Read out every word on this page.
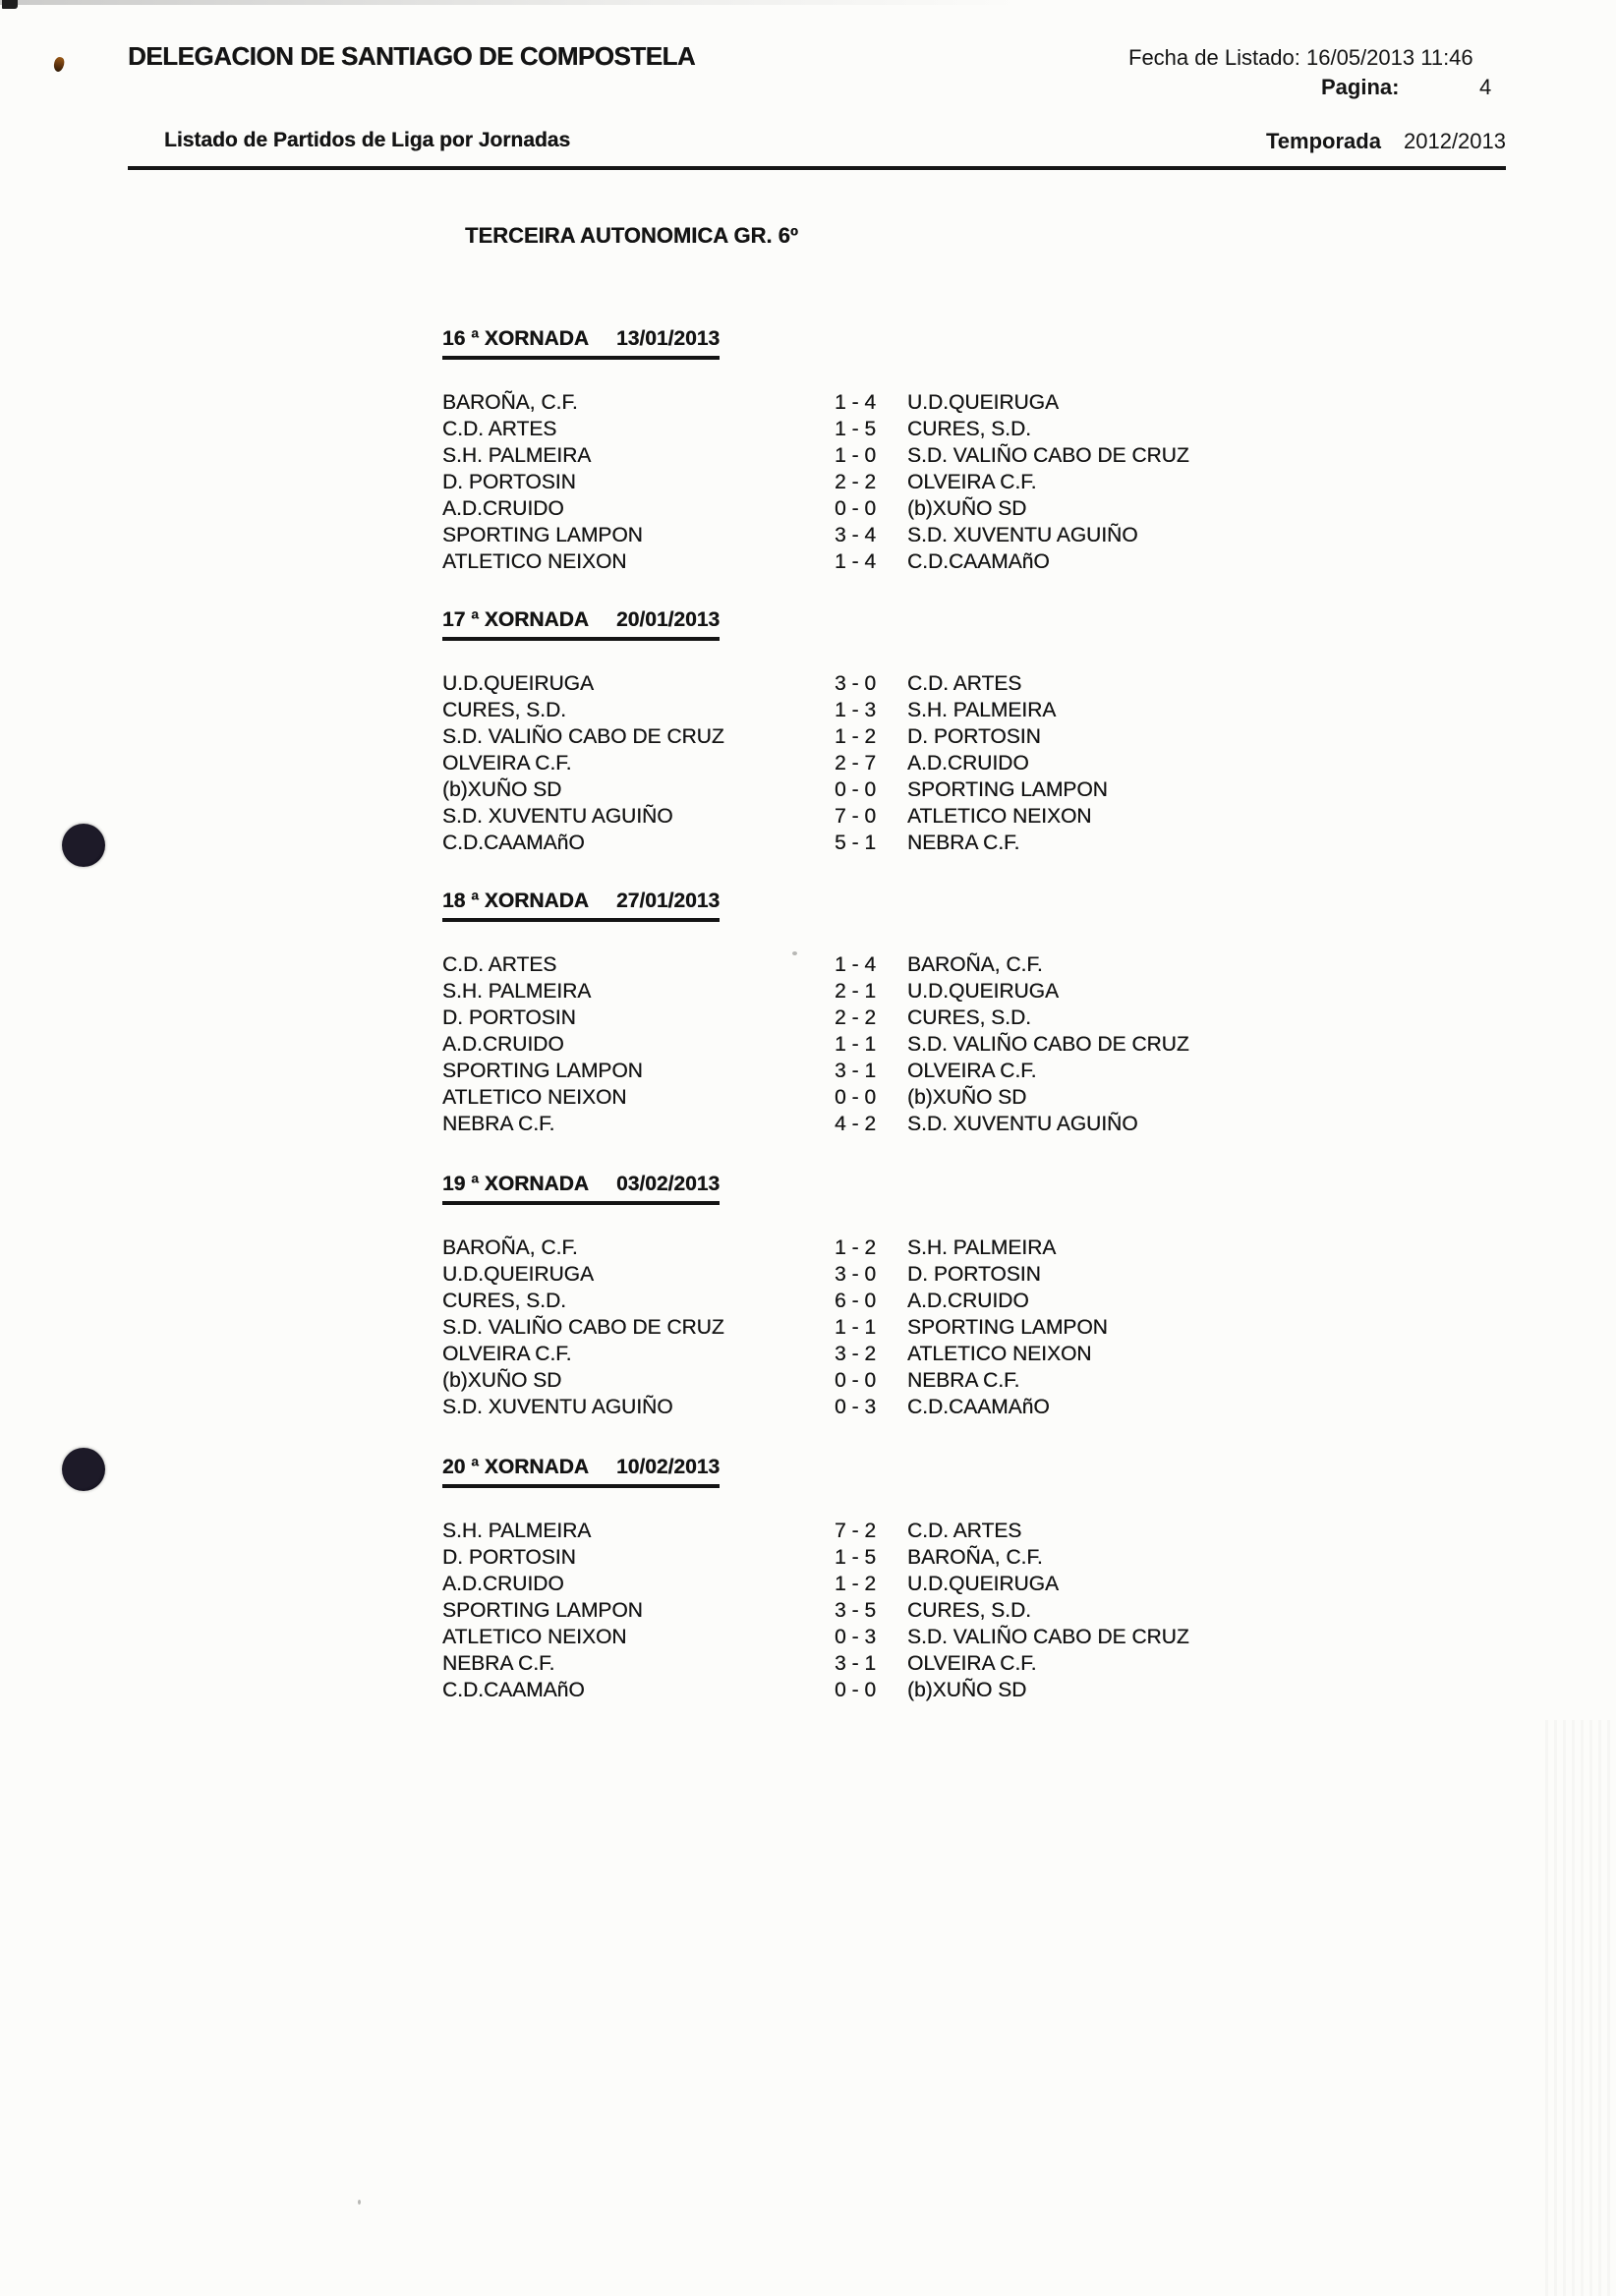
DELEGACION DE SANTIAGO DE COMPOSTELA	Fecha de Listado: 16/05/2013 11:46
Pagina:	4
Listado de Partidos de Liga por Jornadas	Temporada 2012/2013
TERCEIRA AUTONOMICA GR. 6º
16 ª XORNADA 13/01/2013
BAROÑA, C.F.	1 - 4 U.D.QUEIRUGA
C.D. ARTES	1 - 5 CURES, S.D.
S.H. PALMEIRA	1 - 0 S.D. VALIÑO CABO DE CRUZ
D. PORTOSIN	2 - 2 OLVEIRA C.F.
A.D.CRUIDO	0 - 0 (b)XUÑO SD
SPORTING LAMPON	3 - 4 S.D. XUVENTU AGUIÑO
ATLETICO NEIXON	1 - 4 C.D.CAAMAñO
17 ª XORNADA 20/01/2013
U.D.QUEIRUGA	3 - 0 C.D. ARTES
CURES, S.D.	1 - 3 S.H. PALMEIRA
S.D. VALIÑO CABO DE CRUZ	1 - 2 D. PORTOSIN
OLVEIRA C.F.	2 - 7 A.D.CRUIDO
(b)XUÑO SD	0 - 0 SPORTING LAMPON
S.D. XUVENTU AGUIÑO	7 - 0 ATLETICO NEIXON
C.D.CAAMAñO	5 - 1 NEBRA C.F.
18 ª XORNADA 27/01/2013
C.D. ARTES	1 - 4 BAROÑA, C.F.
S.H. PALMEIRA	2 - 1 U.D.QUEIRUGA
D. PORTOSIN	2 - 2 CURES, S.D.
A.D.CRUIDO	1 - 1 S.D. VALIÑO CABO DE CRUZ
SPORTING LAMPON	3 - 1 OLVEIRA C.F.
ATLETICO NEIXON	0 - 0 (b)XUÑO SD
NEBRA C.F.	4 - 2 S.D. XUVENTU AGUIÑO
19 ª XORNADA 03/02/2013
BAROÑA, C.F.	1 - 2 S.H. PALMEIRA
U.D.QUEIRUGA	3 - 0 D. PORTOSIN
CURES, S.D.	6 - 0 A.D.CRUIDO
S.D. VALIÑO CABO DE CRUZ	1 - 1 SPORTING LAMPON
OLVEIRA C.F.	3 - 2 ATLETICO NEIXON
(b)XUÑO SD	0 - 0 NEBRA C.F.
S.D. XUVENTU AGUIÑO	0 - 3 C.D.CAAMAñO
20 ª XORNADA 10/02/2013
S.H. PALMEIRA	7 - 2 C.D. ARTES
D. PORTOSIN	1 - 5 BAROÑA, C.F.
A.D.CRUIDO	1 - 2 U.D.QUEIRUGA
SPORTING LAMPON	3 - 5 CURES, S.D.
ATLETICO NEIXON	0 - 3 S.D. VALIÑO CABO DE CRUZ
NEBRA C.F.	3 - 1 OLVEIRA C.F.
C.D.CAAMAñO	0 - 0 (b)XUÑO SD
